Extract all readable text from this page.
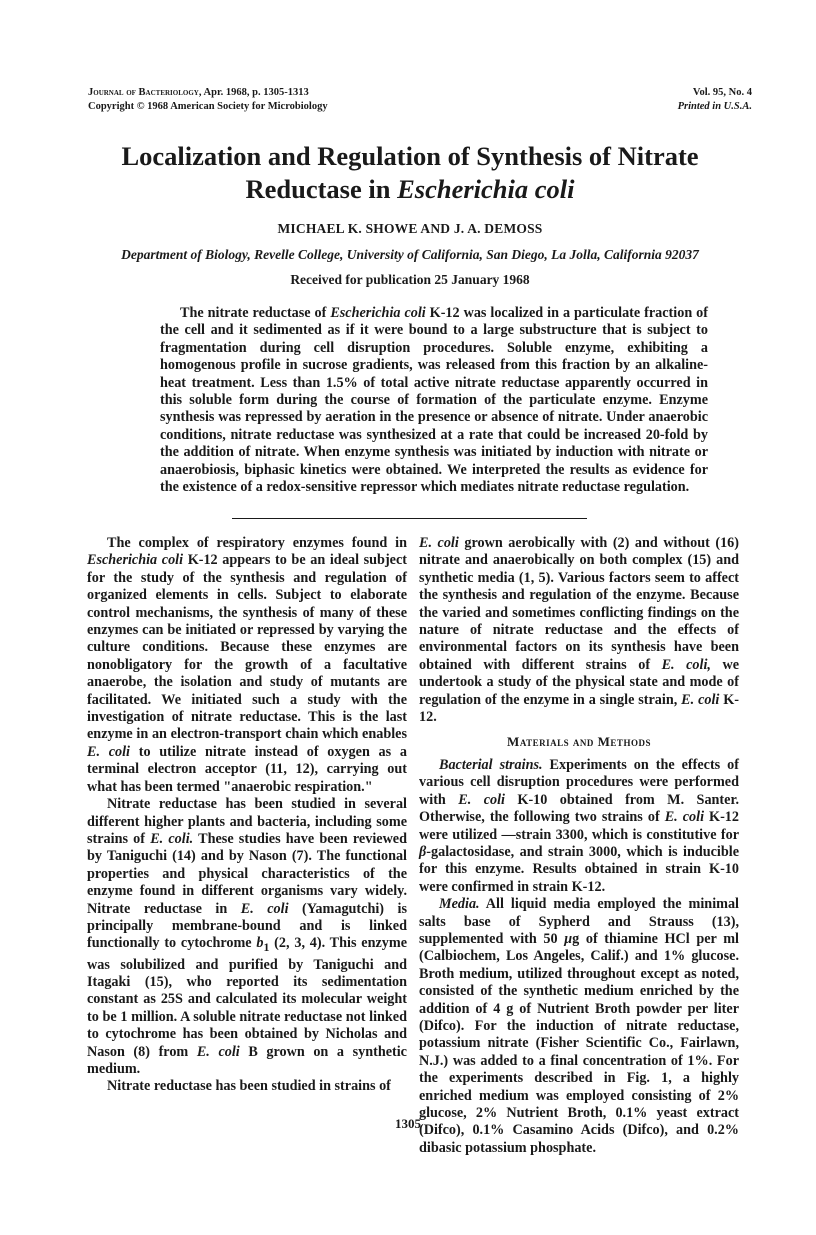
Journal of Bacteriology, Apr. 1968, p. 1305-1313
Copyright © 1968 American Society for Microbiology
Vol. 95, No. 4
Printed in U.S.A.
Localization and Regulation of Synthesis of Nitrate
Reductase in Escherichia coli
MICHAEL K. SHOWE AND J. A. DEMOSS
Department of Biology, Revelle College, University of California, San Diego, La Jolla, California 92037
Received for publication 25 January 1968

The nitrate reductase of Escherichia coli K-12 was localized in a particulate fraction of the cell and it sedimented as if it were bound to a large substructure that is subject to fragmentation during cell disruption procedures. Soluble enzyme, exhibiting a homogenous profile in sucrose gradients, was released from this fraction by an alkaline-heat treatment. Less than 1.5% of total active nitrate reductase apparently occurred in this soluble form during the course of formation of the particulate enzyme. Enzyme synthesis was repressed by aeration in the presence or absence of nitrate. Under anaerobic conditions, nitrate reductase was synthesized at a rate that could be increased 20-fold by the addition of nitrate. When enzyme synthesis was initiated by induction with nitrate or anaerobiosis, biphasic kinetics were obtained. We interpreted the results as evidence for the existence of a redox-sensitive repressor which mediates nitrate reductase regulation.

The complex of respiratory enzymes found in Escherichia coli K-12 appears to be an ideal subject for the study of the synthesis and regulation of organized elements in cells. Subject to elaborate control mechanisms, the synthesis of many of these enzymes can be initiated or repressed by varying the culture conditions. Because these enzymes are nonobligatory for the growth of a facultative anaerobe, the isolation and study of mutants are facilitated. We initiated such a study with the investigation of nitrate reductase. This is the last enzyme in an electron-transport chain which enables E. coli to utilize nitrate instead of oxygen as a terminal electron acceptor (11, 12), carrying out what has been termed "anaerobic respiration."

Nitrate reductase has been studied in several different higher plants and bacteria, including some strains of E. coli. These studies have been reviewed by Taniguchi (14) and by Nason (7). The functional properties and physical characteristics of the enzyme found in different organisms vary widely. Nitrate reductase in E. coli (Yamagutchi) is principally membrane-bound and is linked functionally to cytochrome $b_1$ (2, 3, 4). This enzyme was solubilized and purified by Taniguchi and Itagaki (15), who reported its sedimentation constant as 25S and calculated its molecular weight to be 1 million. A soluble nitrate reductase not linked to cytochrome has been obtained by Nicholas and Nason (8) from E. coli B grown on a synthetic medium.

Nitrate reductase has been studied in strains of

E. coli grown aerobically with (2) and without (16) nitrate and anaerobically on both complex (15) and synthetic media (1, 5). Various factors seem to affect the synthesis and regulation of the enzyme. Because the varied and sometimes conflicting findings on the nature of nitrate reductase and the effects of environmental factors on its synthesis have been obtained with different strains of E. coli, we undertook a study of the physical state and mode of regulation of the enzyme in a single strain, E. coli K-12.

Materials and Methods

Bacterial strains. Experiments on the effects of various cell disruption procedures were performed with E. coli K-10 obtained from M. Santer. Otherwise, the following two strains of E. coli K-12 were utilized —strain 3300, which is constitutive for β-galactosidase, and strain 3000, which is inducible for this enzyme. Results obtained in strain K-10 were confirmed in strain K-12.

Media. All liquid media employed the minimal salts base of Sypherd and Strauss (13), supplemented with 50 μg of thiamine HCl per ml (Calbiochem, Los Angeles, Calif.) and 1% glucose. Broth medium, utilized throughout except as noted, consisted of the synthetic medium enriched by the addition of 4 g of Nutrient Broth powder per liter (Difco). For the induction of nitrate reductase, potassium nitrate (Fisher Scientific Co., Fairlawn, N.J.) was added to a final concentration of 1%. For the experiments described in Fig. 1, a highly enriched medium was employed consisting of 2% glucose, 2% Nutrient Broth, 0.1% yeast extract (Difco), 0.1% Casamino Acids (Difco), and 0.2% dibasic potassium phosphate.

1305
